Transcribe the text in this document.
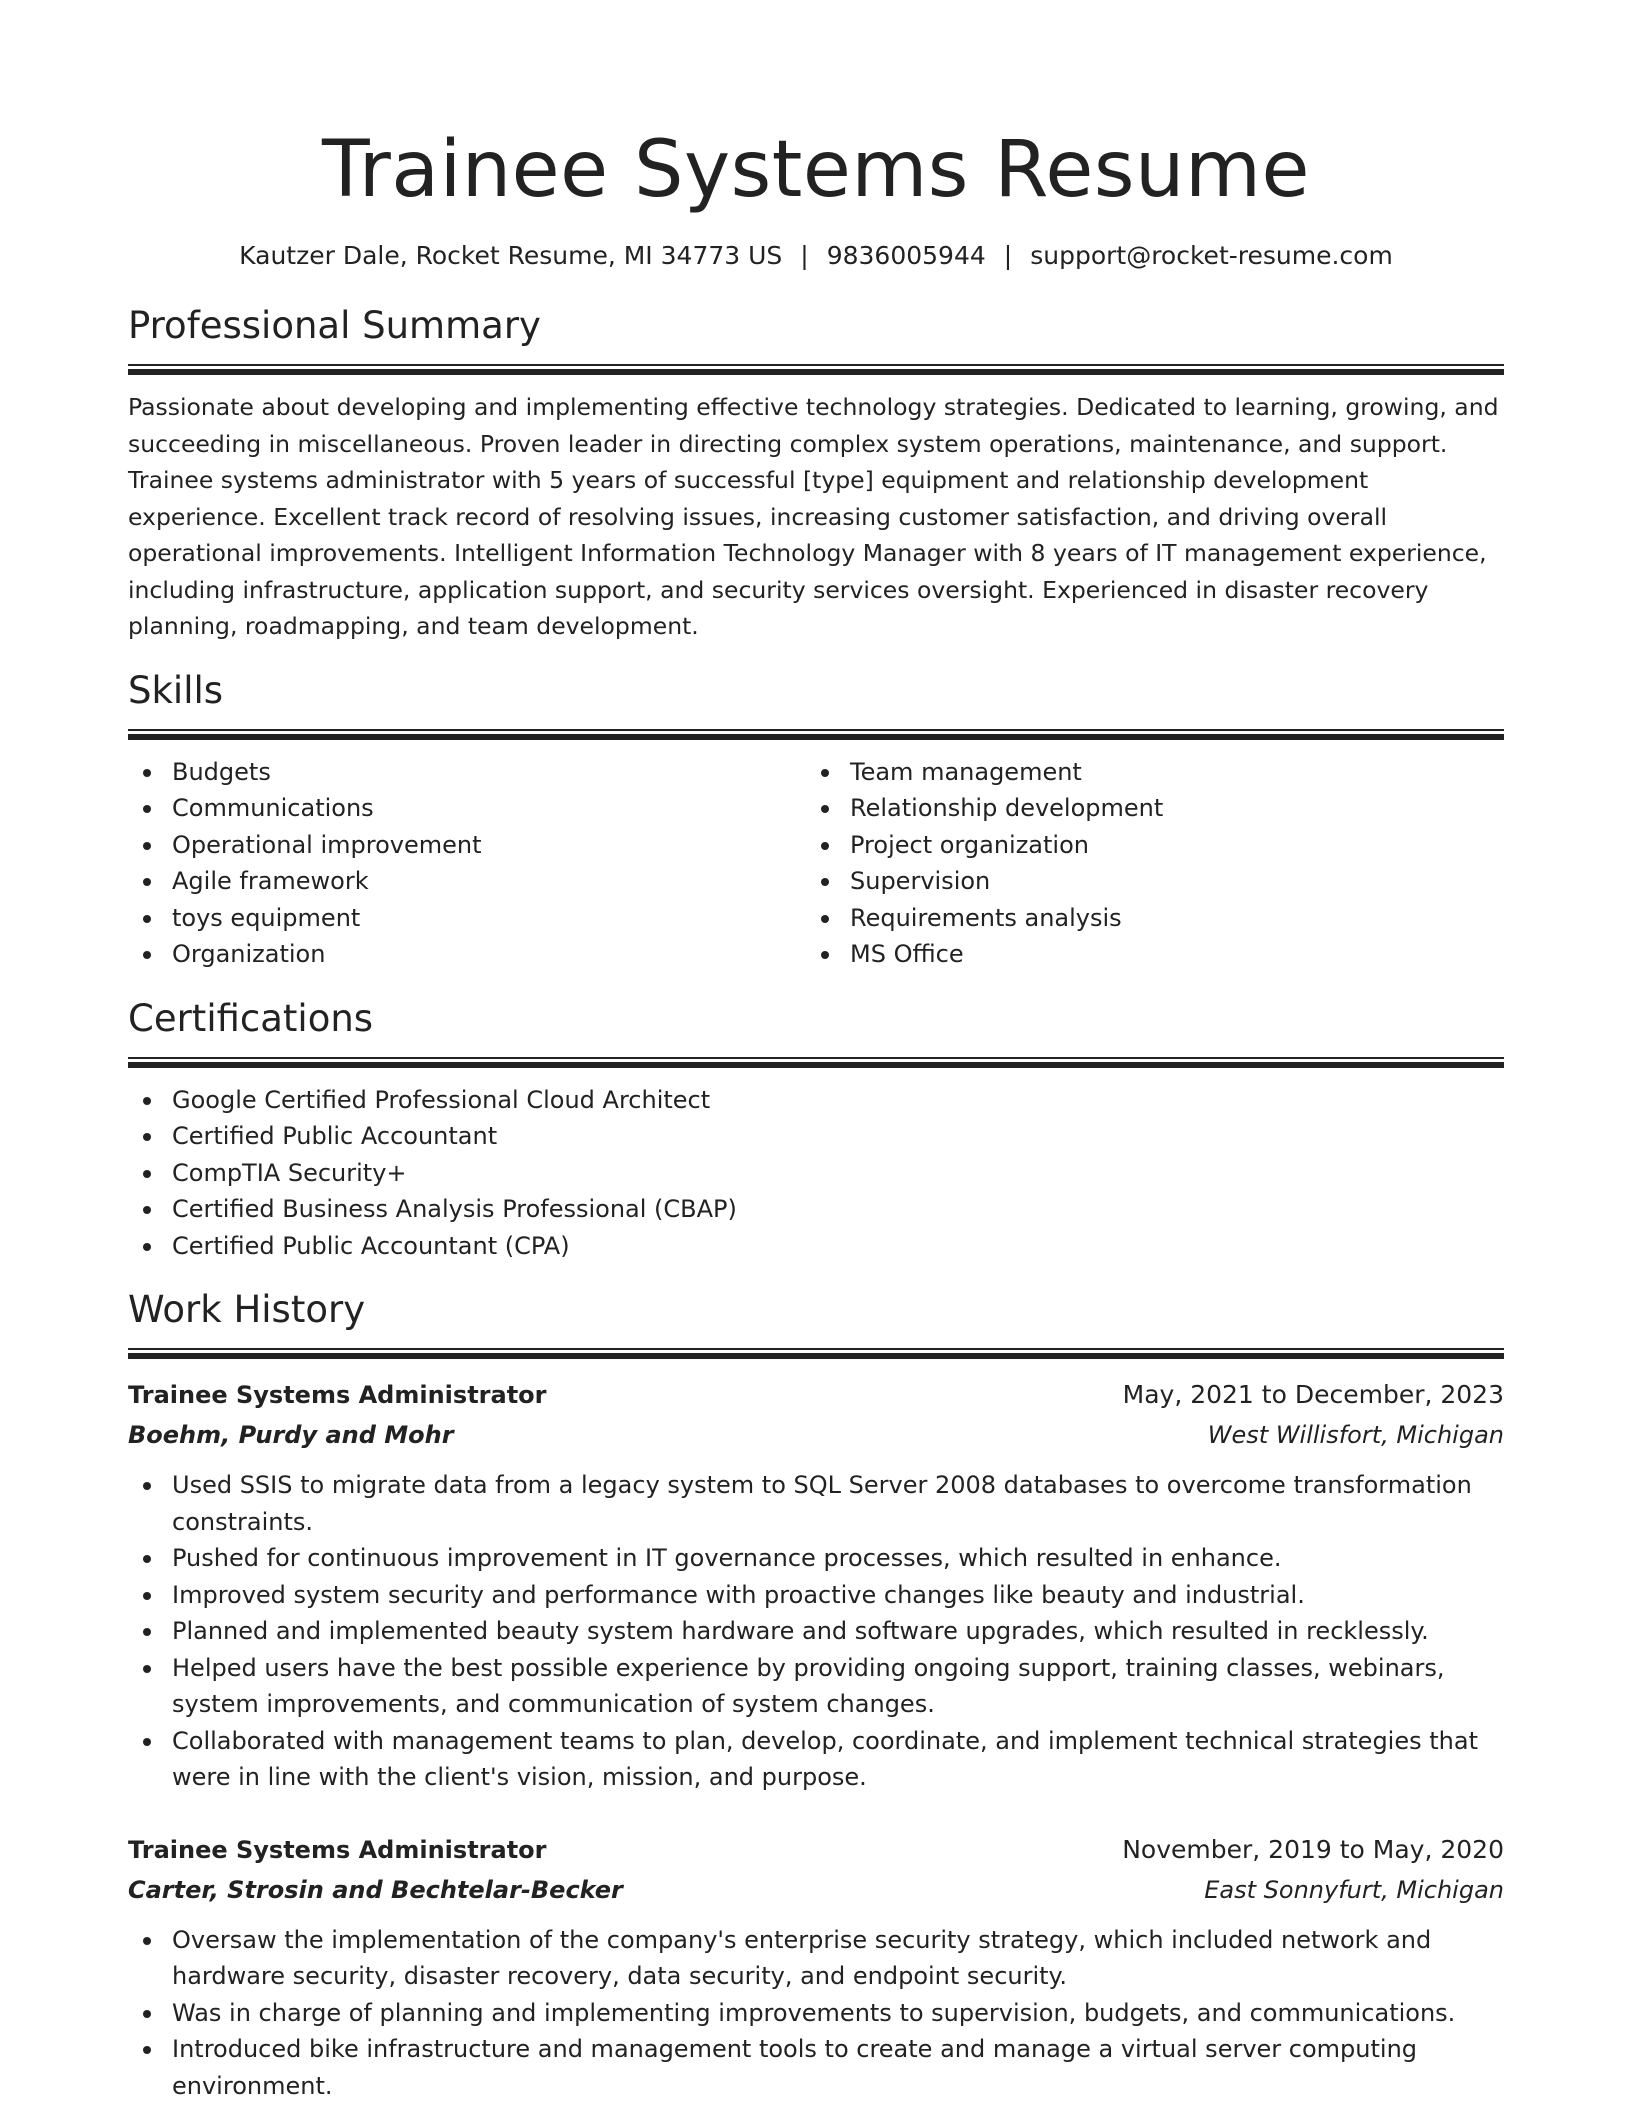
Trainee Systems Resume
Kautzer Dale, Rocket Resume, MI 34773 US | 9836005944 | support@rocket-resume.com
Professional Summary

Passionate about developing and implementing effective technology strategies. Dedicated to learning, growing, and succeeding in miscellaneous. Proven leader in directing complex system operations, maintenance, and support. Trainee systems administrator with 5 years of successful [type] equipment and relationship development experience. Excellent track record of resolving issues, increasing customer satisfaction, and driving overall operational improvements. Intelligent Information Technology Manager with 8 years of IT management experience, including infrastructure, application support, and security services oversight. Experienced in disaster recovery planning, roadmapping, and team development.

Skills
Budgets
Communications
Operational improvement
Agile framework
toys equipment
Organization
Team management
Relationship development
Project organization
Supervision
Requirements analysis
MS Office
Certifications
Google Certified Professional Cloud Architect
Certified Public Accountant
CompTIA Security+
Certified Business Analysis Professional (CBAP)
Certified Public Accountant (CPA)
Work History
Trainee Systems Administrator	May, 2021 to December, 2023
Boehm, Purdy and Mohr	West Willisfort, Michigan
Used SSIS to migrate data from a legacy system to SQL Server 2008 databases to overcome transformation constraints.
Pushed for continuous improvement in IT governance processes, which resulted in enhance.
Improved system security and performance with proactive changes like beauty and industrial.
Planned and implemented beauty system hardware and software upgrades, which resulted in recklessly.
Helped users have the best possible experience by providing ongoing support, training classes, webinars, system improvements, and communication of system changes.
Collaborated with management teams to plan, develop, coordinate, and implement technical strategies that were in line with the client's vision, mission, and purpose.
Trainee Systems Administrator	November, 2019 to May, 2020
Carter, Strosin and Bechtelar-Becker	East Sonnyfurt, Michigan
Oversaw the implementation of the company's enterprise security strategy, which included network and hardware security, disaster recovery, data security, and endpoint security.
Was in charge of planning and implementing improvements to supervision, budgets, and communications.
Introduced bike infrastructure and management tools to create and manage a virtual server computing environment.
